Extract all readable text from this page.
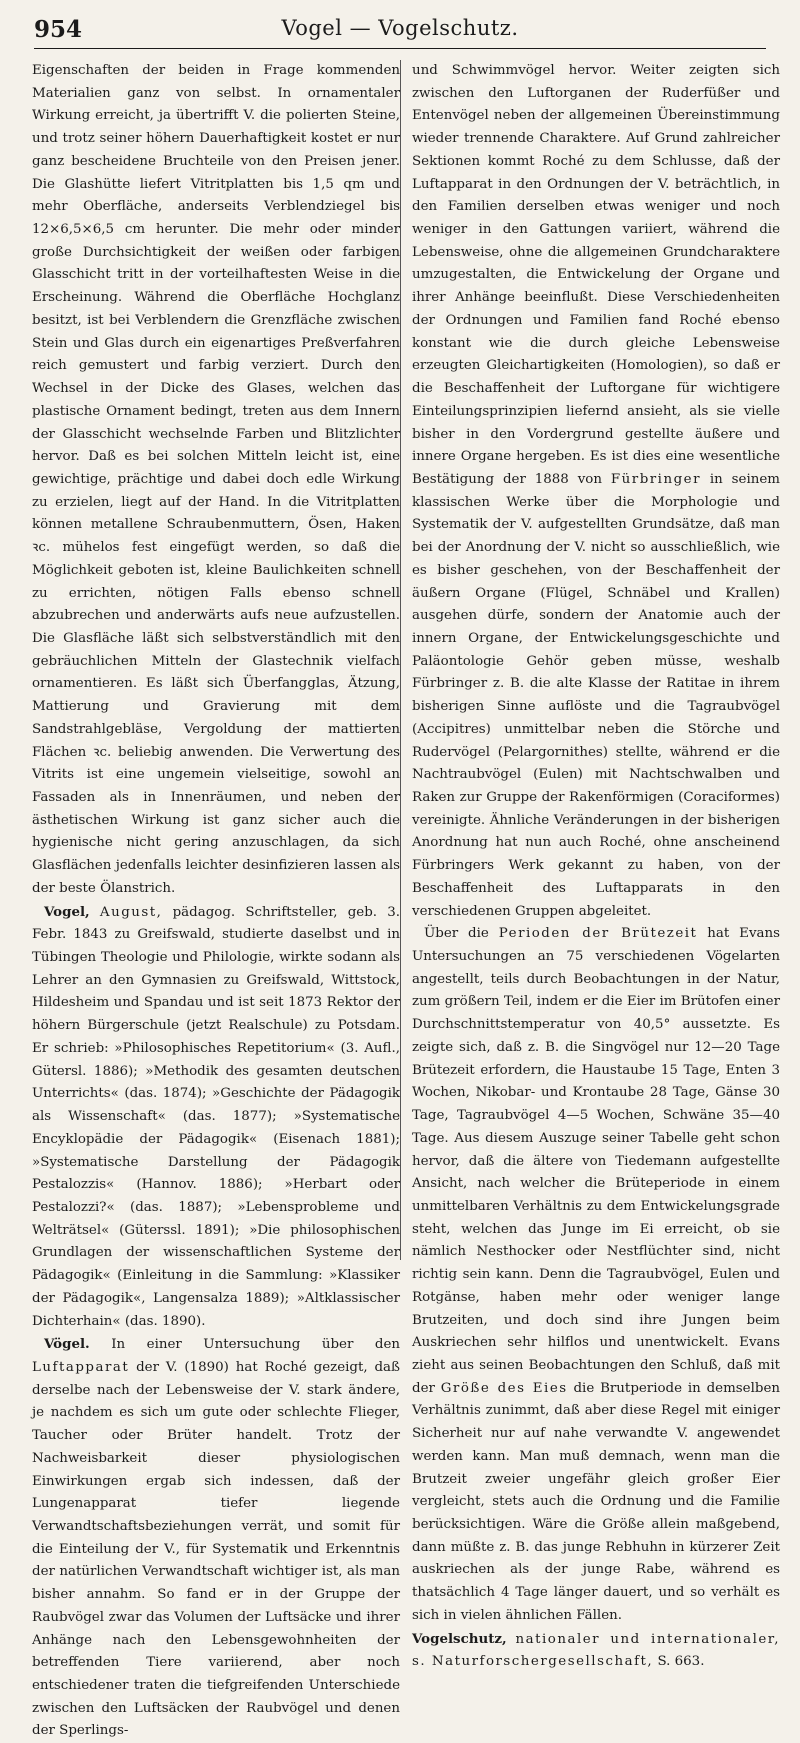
954	Vogel — Vogelschutz.

Eigenschaften der beiden in Frage kommenden Materialien ganz von selbst. In ornamentaler Wirkung erreicht, ja übertrifft V. die polierten Steine, und trotz seiner höhern Dauerhaftigkeit kostet er nur ganz bescheidene Bruchteile von den Preisen jener. Die Glashütte liefert Vitritplatten bis 1,5 qm und mehr Oberfläche, anderseits Verblendziegel bis 12×6,5×6,5 cm herunter. Die mehr oder minder große Durchsichtigkeit der weißen oder farbigen Glasschicht tritt in der vorteilhaftesten Weise in die Erscheinung. Während die Oberfläche Hochglanz besitzt, ist bei Verblendern die Grenzfläche zwischen Stein und Glas durch ein eigenartiges Preßverfahren reich gemustert und farbig verziert. Durch den Wechsel in der Dicke des Glases, welchen das plastische Ornament bedingt, treten aus dem Innern der Glasschicht wechselnde Farben und Blitzlichter hervor. Daß es bei solchen Mitteln leicht ist, eine gewichtige, prächtige und dabei doch edle Wirkung zu erzielen, liegt auf der Hand. In die Vitritplatten können metallene Schraubenmuttern, Ösen, Haken ꝛc. mühelos fest eingefügt werden, so daß die Möglichkeit geboten ist, kleine Baulichkeiten schnell zu errichten, nötigen Falls ebenso schnell abzubrechen und anderwärts aufs neue aufzustellen. Die Glasfläche läßt sich selbstverständlich mit den gebräuchlichen Mitteln der Glastechnik vielfach ornamentieren. Es läßt sich Überfangglas, Ätzung, Mattierung und Gravierung mit dem Sandstrahlgebläse, Vergoldung der mattierten Flächen ꝛc. beliebig anwenden. Die Verwertung des Vitrits ist eine ungemein vielseitige, sowohl an Fassaden als in Innenräumen, und neben der ästhetischen Wirkung ist ganz sicher auch die hygienische nicht gering anzuschlagen, da sich Glasflächen jedenfalls leichter desinfizieren lassen als der beste Ölanstrich.

Vogel, August, pädagog. Schriftsteller, geb. 3. Febr. 1843 zu Greifswald, studierte daselbst und in Tübingen Theologie und Philologie, wirkte sodann als Lehrer an den Gymnasien zu Greifswald, Wittstock, Hildesheim und Spandau und ist seit 1873 Rektor der höhern Bürgerschule (jetzt Realschule) zu Potsdam. Er schrieb: »Philosophisches Repetitorium« (3. Aufl., Gütersl. 1886); »Methodik des gesamten deutschen Unterrichts« (das. 1874); »Geschichte der Pädagogik als Wissenschaft« (das. 1877); »Systematische Encyklopädie der Pädagogik« (Eisenach 1881); »Systematische Darstellung der Pädagogik Pestalozzis« (Hannov. 1886); »Herbart oder Pestalozzi?« (das. 1887); »Lebensprobleme und Welträtsel« (Güterssl. 1891); »Die philosophischen Grundlagen der wissenschaftlichen Systeme der Pädagogik« (Einleitung in die Sammlung: »Klassiker der Pädagogik«, Langensalza 1889); »Altklassischer Dichterhain« (das. 1890).

Vögel. In einer Untersuchung über den Luftapparat der V. (1890) hat Roché gezeigt, daß derselbe nach der Lebensweise der V. stark ändere, je nachdem es sich um gute oder schlechte Flieger, Taucher oder Brüter handelt. Trotz der Nachweisbarkeit dieser physiologischen Einwirkungen ergab sich indessen, daß der Lungenapparat tiefer liegende Verwandtschaftsbeziehungen verrät, und somit für die Einteilung der V., für Systematik und Erkenntnis der natürlichen Verwandtschaft wichtiger ist, als man bisher annahm. So fand er in der Gruppe der Raubvögel zwar das Volumen der Luftsäcke und ihrer Anhänge nach den Lebensgewohnheiten der betreffenden Tiere variierend, aber noch entschiedener traten die tiefgreifenden Unterschiede zwischen den Luftsäcken der Raubvögel und denen der Sperlings-

und Schwimmvögel hervor. Weiter zeigten sich zwischen den Luftorganen der Ruderfüßer und Entenvögel neben der allgemeinen Übereinstimmung wieder trennende Charaktere. Auf Grund zahlreicher Sektionen kommt Roché zu dem Schlusse, daß der Luftapparat in den Ordnungen der V. beträchtlich, in den Familien derselben etwas weniger und noch weniger in den Gattungen variiert, während die Lebensweise, ohne die allgemeinen Grundcharaktere umzugestalten, die Entwickelung der Organe und ihrer Anhänge beeinflußt. Diese Verschiedenheiten der Ordnungen und Familien fand Roché ebenso konstant wie die durch gleiche Lebensweise erzeugten Gleichartigkeiten (Homologien), so daß er die Beschaffenheit der Luftorgane für wichtigere Einteilungsprinzipien liefernd ansieht, als sie vielle bisher in den Vordergrund gestellte äußere und innere Organe hergeben. Es ist dies eine wesentliche Bestätigung der 1888 von Fürbringer in seinem klassischen Werke über die Morphologie und Systematik der V. aufgestellten Grundsätze, daß man bei der Anordnung der V. nicht so ausschließlich, wie es bisher geschehen, von der Beschaffenheit der äußern Organe (Flügel, Schnäbel und Krallen) ausgehen dürfe, sondern der Anatomie auch der innern Organe, der Entwickelungsgeschichte und Paläontologie Gehör geben müsse, weshalb Fürbringer z. B. die alte Klasse der Ratitae in ihrem bisherigen Sinne auflöste und die Tagraubvögel (Accipitres) unmittelbar neben die Störche und Rudervögel (Pelargornithes) stellte, während er die Nachtraubvögel (Eulen) mit Nachtschwalben und Raken zur Gruppe der Rakenförmigen (Coraciformes) vereinigte. Ähnliche Veränderungen in der bisherigen Anordnung hat nun auch Roché, ohne anscheinend Fürbringers Werk gekannt zu haben, von der Beschaffenheit des Luftapparats in den verschiedenen Gruppen abgeleitet.

Über die Perioden der Brütezeit hat Evans Untersuchungen an 75 verschiedenen Vögelarten angestellt, teils durch Beobachtungen in der Natur, zum größern Teil, indem er die Eier im Brütofen einer Durchschnittstemperatur von 40,5° aussetzte. Es zeigte sich, daß z. B. die Singvögel nur 12—20 Tage Brütezeit erfordern, die Haustaube 15 Tage, Enten 3 Wochen, Nikobar- und Krontaube 28 Tage, Gänse 30 Tage, Tagraubvögel 4—5 Wochen, Schwäne 35—40 Tage. Aus diesem Auszuge seiner Tabelle geht schon hervor, daß die ältere von Tiedemann aufgestellte Ansicht, nach welcher die Brüteperiode in einem unmittelbaren Verhältnis zu dem Entwickelungsgrade steht, welchen das Junge im Ei erreicht, ob sie nämlich Nesthocker oder Nestflüchter sind, nicht richtig sein kann. Denn die Tagraubvögel, Eulen und Rotgänse, haben mehr oder weniger lange Brutzeiten, und doch sind ihre Jungen beim Auskriechen sehr hilflos und unentwickelt. Evans zieht aus seinen Beobachtungen den Schluß, daß mit der Größe des Eies die Brutperiode in demselben Verhältnis zunimmt, daß aber diese Regel mit einiger Sicherheit nur auf nahe verwandte V. angewendet werden kann. Man muß demnach, wenn man die Brutzeit zweier ungefähr gleich großer Eier vergleicht, stets auch die Ordnung und die Familie berücksichtigen. Wäre die Größe allein maßgebend, dann müßte z. B. das junge Rebhuhn in kürzerer Zeit auskriechen als der junge Rabe, während es thatsächlich 4 Tage länger dauert, und so verhält es sich in vielen ähnlichen Fällen.

Vogelschutz, nationaler und internationaler, s. Naturforschergesellschaft, S. 663.
